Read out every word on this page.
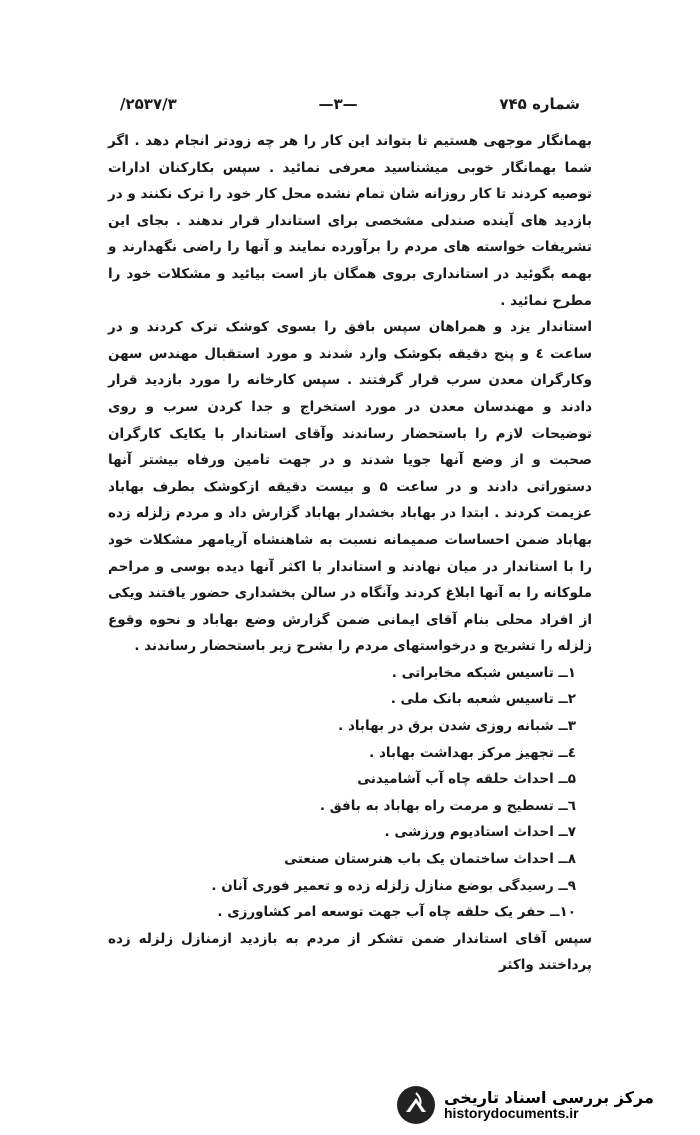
شماره ۷۴۵
—۳—
۲۵۳۷/۳/

بهمانگار موجهی هستیم تا بتواند این کار را هر چه زودتر انجام دهد . اگر شما بهمانگار خوبی میشناسید معرفی نمائید . سپس بکارکنان ادارات توصیه کردند تا کار روزانه شان تمام نشده محل کار خود را ترک نکنند و در بازدید های آینده صندلی مشخصی برای استاندار قرار ندهند . بجای این تشریفات خواسته های مردم را برآورده نمایند و آنها را راضی نگهدارند و بهمه بگوئید در استانداری بروی همگان باز است بیائید و مشکلات خود را مطرح نمائید .

استاندار یزد و همراهان سپس بافق را بسوی کوشک ترک کردند و در ساعت ٤ و پنج دقیقه بکوشک وارد شدند و مورد استقبال مهندس سهن وکارگران معدن سرب قرار گرفتند . سپس کارخانه را مورد بازدید قرار دادند و مهندسان معدن در مورد استخراج و جدا کردن سرب و روی توضیحات لازم را باستحضار رساندند وآقای استاندار با یکایک کارگران صحبت و از وضع آنها جویا شدند و در جهت تامین ورفاه بیشتر آنها دستوراتی دادند و در ساعت ۵ و بیست دقیقه ازکوشک بطرف بهاباد عزیمت کردند . ابتدا در بهاباد بخشدار بهاباد گزارش داد و مردم زلزله زده بهاباد ضمن احساسات صمیمانه نسبت به شاهنشاه آریامهر مشکلات خود را با استاندار در میان نهادند و استاندار با اکثر آنها دیده بوسی و مراحم ملوکانه را به آنها ابلاغ کردند وآنگاه در سالن بخشداری حضور یافتند ویکی از افراد محلی بنام آقای ایمانی ضمن گزارش وضع بهاباد و نحوه وقوع زلزله را تشریح و درخواستهای مردم را بشرح زیر باستحضار رساندند .

۱ــ تاسیس شبکه مخابراتی .
۲ــ تاسیس شعبه بانک ملی .
۳ــ شبانه روزی شدن برق در بهاباد .
٤ــ تجهیز مرکز بهداشت بهاباد .
۵ــ احداث حلقه چاه آب آشامیدنی
٦ــ تسطیح و مرمت راه بهاباد به بافق .
۷ــ احداث استادیوم ورزشی .
۸ــ احداث ساختمان یک باب هنرستان صنعتی
۹ــ رسیدگی بوضع منازل زلزله زده و تعمیر فوری آنان .
۱۰ــ حفر یک حلقه چاه آب جهت توسعه امر کشاورزی .

سپس آقای استاندار ضمن تشکر از مردم به بازدید ازمنازل زلزله زده پرداختند واکثر

مرکز بررسی اسناد تاریخی
historydocuments.ir
